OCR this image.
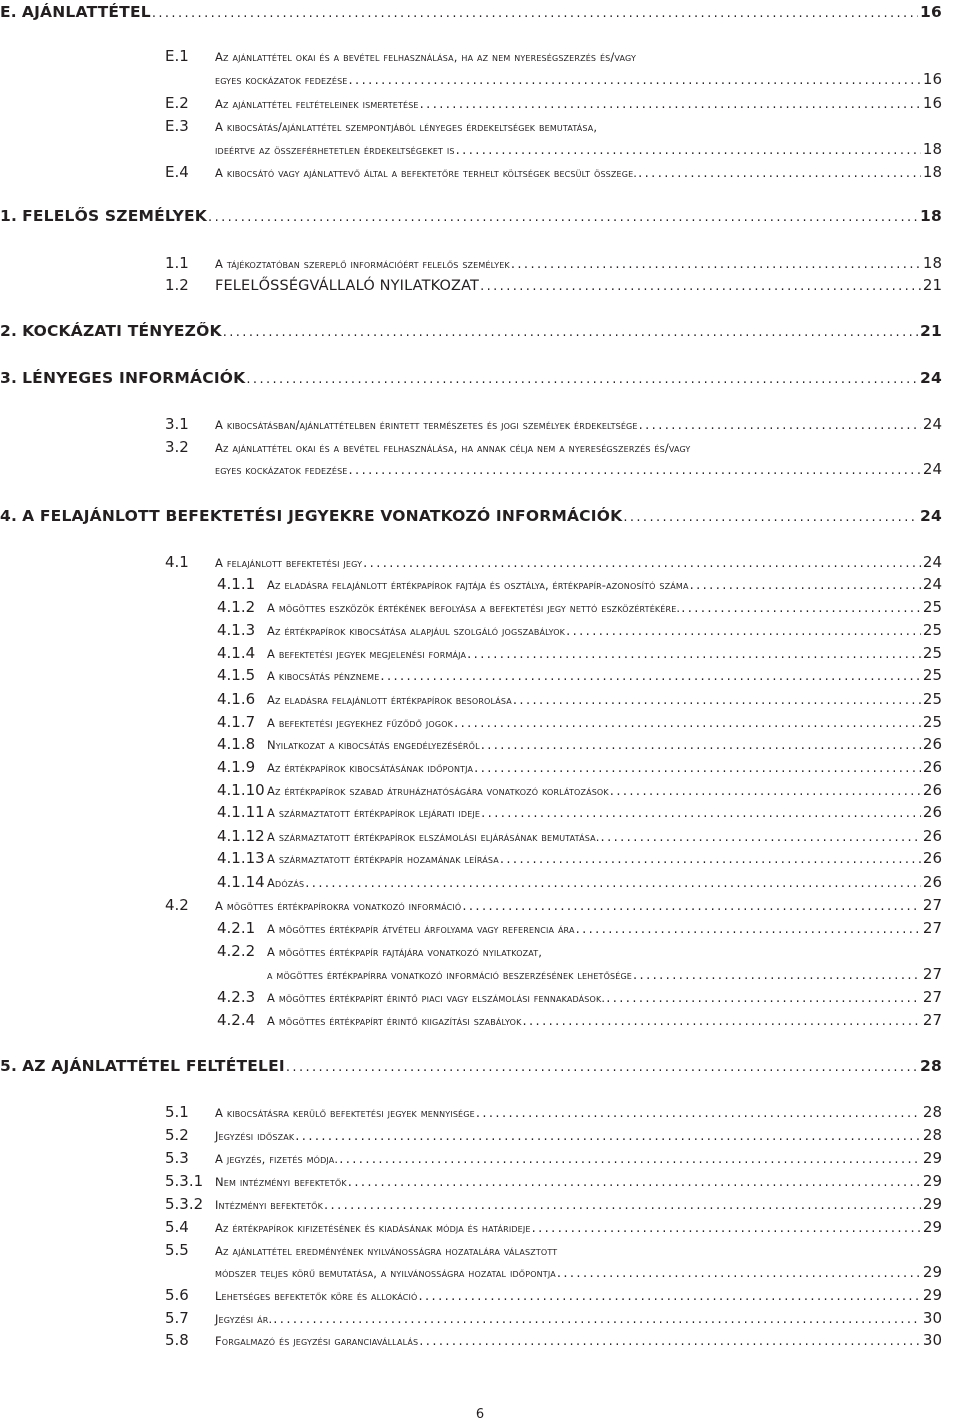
E. AJÁNLATTÉTEL .....	16
E.1	Az ajánlattétel okai és a bevétel felhasználása, ha az nem nyereségszerzés és/vagy
egyes kockázatok fedezése .....	16
E.2	Az ajánlattétel feltételeinek ismertetése .....	16
E.3	A kibocsátás/ajánlattétel szempontjából lényeges érdekeltségek bemutatása,
ideértve az összeférhetetlen érdekeltségeket is .....	18
E.4	A kibocsátó vagy ajánlattevő által a befektetőre terhelt költségek becsült összege. .....	18
1. FELELŐS SZEMÉLYEK .....	18
1.1	A tájékoztatóban szereplő információért felelős személyek .....	18
1.2	FELELŐSSÉGVÁLLALÓ NYILATKOZAT .....	21
2. KOCKÁZATI TÉNYEZŐK .....	21
3. LÉNYEGES INFORMÁCIÓK .....	24
3.1	A kibocsátásban/ajánlattételben érintett természetes és jogi személyek érdekeltsége .....	24
3.2	Az ajánlattétel okai és a bevétel felhasználása, ha annak célja nem a nyereségszerzés és/vagy
egyes kockázatok fedezése .....	24
4. A FELAJÁNLOTT BEFEKTETÉSI JEGYEKRE VONATKOZÓ INFORMÁCIÓK .....	24
4.1	A felajánlott befektetési jegy .....	24
4.1.1	Az eladásra felajánlott értékpapírok fajtája és osztálya, értékpapír-azonosító száma .....	24
4.1.2	A mögöttes eszközök értékének befolyása a befektetési jegy nettó eszközértékére. .....	25
4.1.3	Az értékpapírok kibocsátása alapjául szolgáló jogszabályok .....	25
4.1.4	A befektetési jegyek megjelenési formája .....	25
4.1.5	A kibocsátás pénzneme .....	25
4.1.6	Az eladásra felajánlott értékpapírok besorolása .....	25
4.1.7	A befektetési jegyekhez fűződő jogok .....	25
4.1.8	Nyilatkozat a kibocsátás engedélyezéséről .....	26
4.1.9	Az értékpapírok kibocsátásának időpontja .....	26
4.1.10 Az értékpapírok szabad átruházhatóságára vonatkozó korlátozások .....	26
4.1.11 A származtatott értékpapírok lejárati ideje .....	26
4.1.12 A származtatott értékpapírok elszámolási eljárásának bemutatása. .....	26
4.1.13 A származtatott értékpapír hozamának leírása .....	26
4.1.14 Adózás .....	26
4.2	A mögöttes értékpapírokra vonatkozó információ .....	27
4.2.1	A mögöttes értékpapír átvételi árfolyama vagy referencia ára .....	27
4.2.2	A mögöttes értékpapír fajtájára vonatkozó nyilatkozat,
a mögöttes értékpapírra vonatkozó információ beszerzésének lehetősége .....	27
4.2.3	A mögöttes értékpapírt érintő piaci vagy elszámolási fennakadások. .....	27
4.2.4	A mögöttes értékpapírt érintő kiigazítási szabályok .....	27
5. AZ AJÁNLATTÉTEL FELTÉTELEI .....	28
5.1	A kibocsátásra kerülő befektetési jegyek mennyisége .....	28
5.2	Jegyzési időszak .....	28
5.3	A jegyzés, fizetés módja. .....	29
5.3.1	Nem intézményi befektetők .....	29
5.3.2	Intézményi befektetők .....	29
5.4	Az értékpapírok kifizetésének és kiadásának módja és határideje .....	29
5.5	Az ajánlattétel eredményének nyilvánosságra hozatalára választott
módszer teljes körű bemutatása, a nyilvánosságra hozatal időpontja .....	29
5.6	Lehetséges befektetők köre és allokáció .....	29
5.7	Jegyzési ár. .....	30
5.8	Forgalmazó és jegyzési garanciavállalás .....	30
6
